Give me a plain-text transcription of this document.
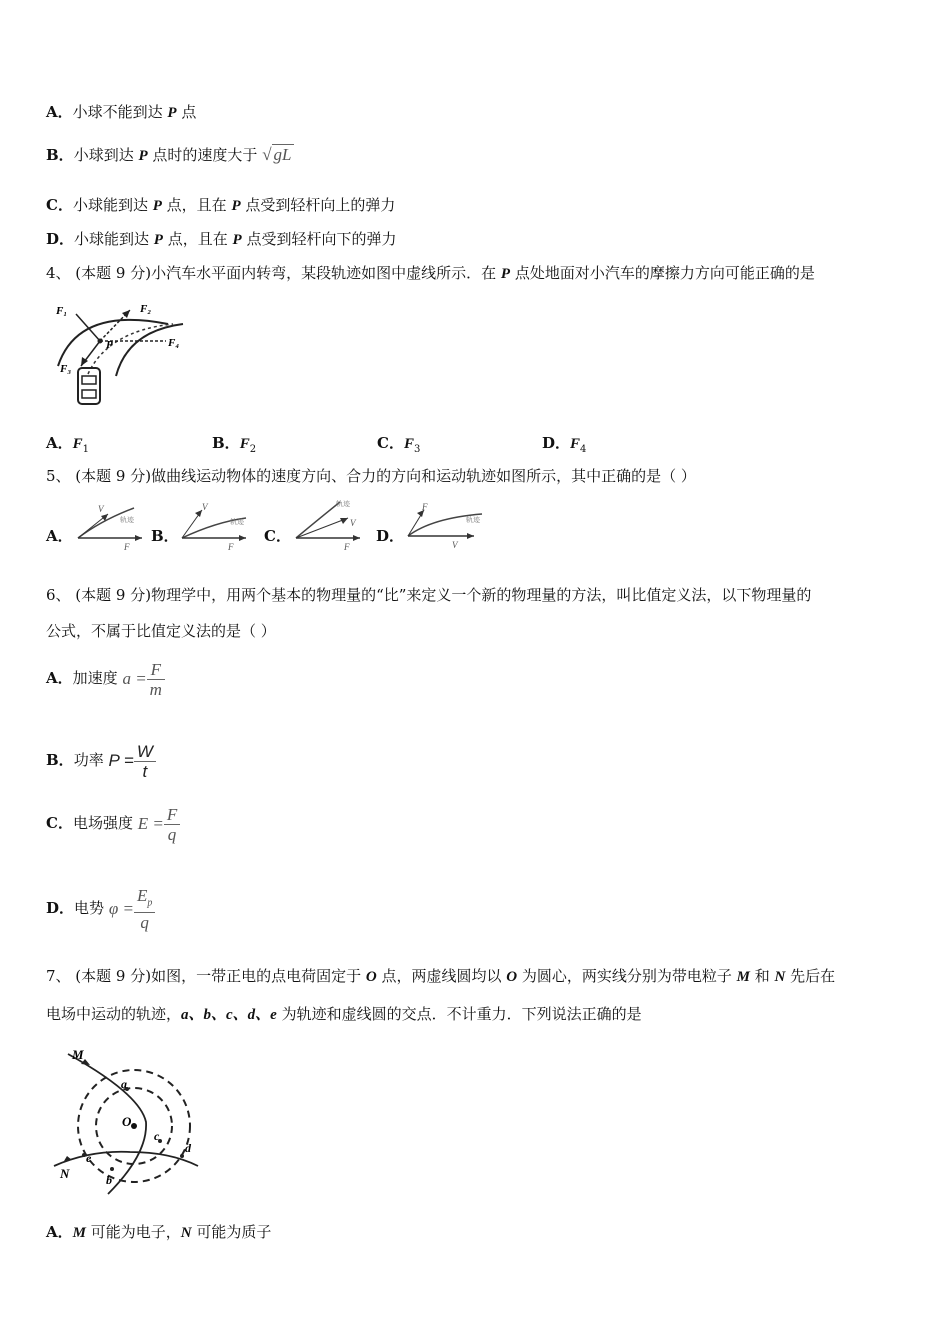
A．小球不能到达 P 点
B．小球到达 P 点时的速度大于 √ gL
C．小球能到达 P 点，且在 P 点受到轻杆向上的弹力
D．小球能到达 P 点，且在 P 点受到轻杆向下的弹力
4、 (本题 9 分)小汽车水平面内转弯，某段轨迹如图中虚线所示．在 P 点处地面对小汽车的摩擦力方向可能正确的是
F₁	F₂
F₃
F₄
P
A．$F_1$	B．$F_2$	C．$F_3$	D．$F_4$
5、 (本题 9 分)做曲线运动物体的速度方向、合力的方向和运动轨迹如图所示，其中正确的是（ ）
A．
V
轨迹
F
B．
V
轨迹
F
C．
轨迹
V
F
D．
F
轨迹
V
6、 (本题 9 分)物理学中，用两个基本的物理量的“比”来定义一个新的物理量的方法，叫比值定义法，以下物理量的
公式，不属于比值定义法的是（ ）
A．加速度 $a = \frac{F}{m}$
B．功率 $P = \frac{W}{t}$
C．电场强度 $E = \frac{F}{q}$
D．电势 $\varphi = \frac{E_p}{q}$
7、 (本题 9 分)如图，一带正电的点电荷固定于 O 点，两虚线圆均以 O 为圆心，两实线分别为带电粒子 M 和 N 先后在
电场中运动的轨迹，a、b、c、d、e 为轨迹和虚线圆的交点．不计重力．下列说法正确的是
M
N
O
a
b
c
d
e
A．M 可能为电子，N 可能为质子
